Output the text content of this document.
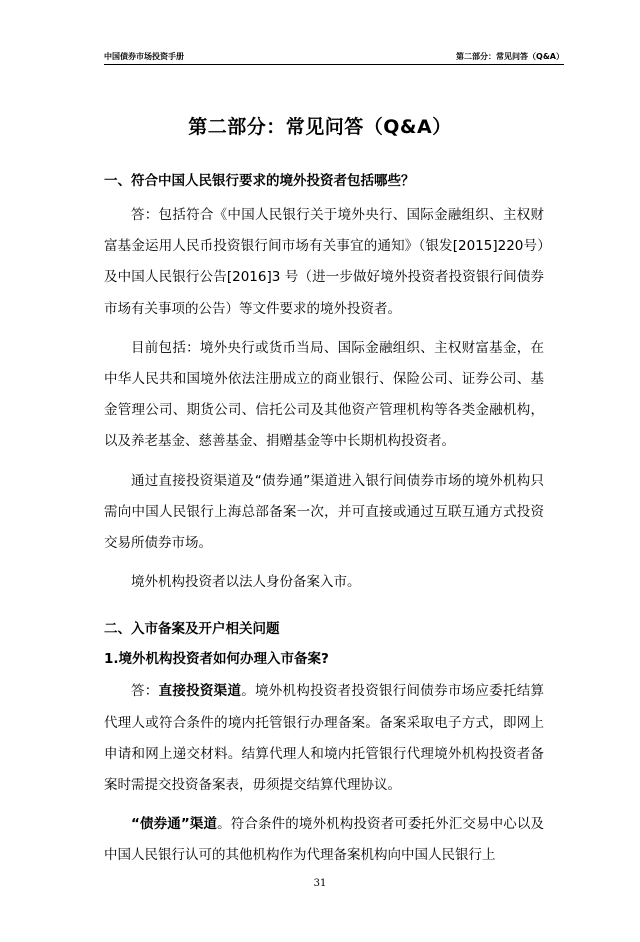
中国债券市场投资手册	第二部分：常见问答（Q&A）
第二部分：常见问答（Q&A）
一、符合中国人民银行要求的境外投资者包括哪些？

答：包括符合《中国人民银行关于境外央行、国际金融组织、主权财富基金运用人民币投资银行间市场有关事宜的通知》（银发[2015]220号）及中国人民银行公告[2016]3 号（进一步做好境外投资者投资银行间债券市场有关事项的公告）等文件要求的境外投资者。

目前包括：境外央行或货币当局、国际金融组织、主权财富基金，在中华人民共和国境外依法注册成立的商业银行、保险公司、证券公司、基金管理公司、期货公司、信托公司及其他资产管理机构等各类金融机构，以及养老基金、慈善基金、捐赠基金等中长期机构投资者。

通过直接投资渠道及“债券通”渠道进入银行间债券市场的境外机构只需向中国人民银行上海总部备案一次，并可直接或通过互联互通方式投资交易所债券市场。

境外机构投资者以法人身份备案入市。

二、入市备案及开户相关问题
1.境外机构投资者如何办理入市备案?

答：直接投资渠道。境外机构投资者投资银行间债券市场应委托结算代理人或符合条件的境内托管银行办理备案。备案采取电子方式，即网上申请和网上递交材料。结算代理人和境内托管银行代理境外机构投资者备案时需提交投资备案表，毋须提交结算代理协议。

“债券通”渠道。符合条件的境外机构投资者可委托外汇交易中心以及中国人民银行认可的其他机构作为代理备案机构向中国人民银行上

31
